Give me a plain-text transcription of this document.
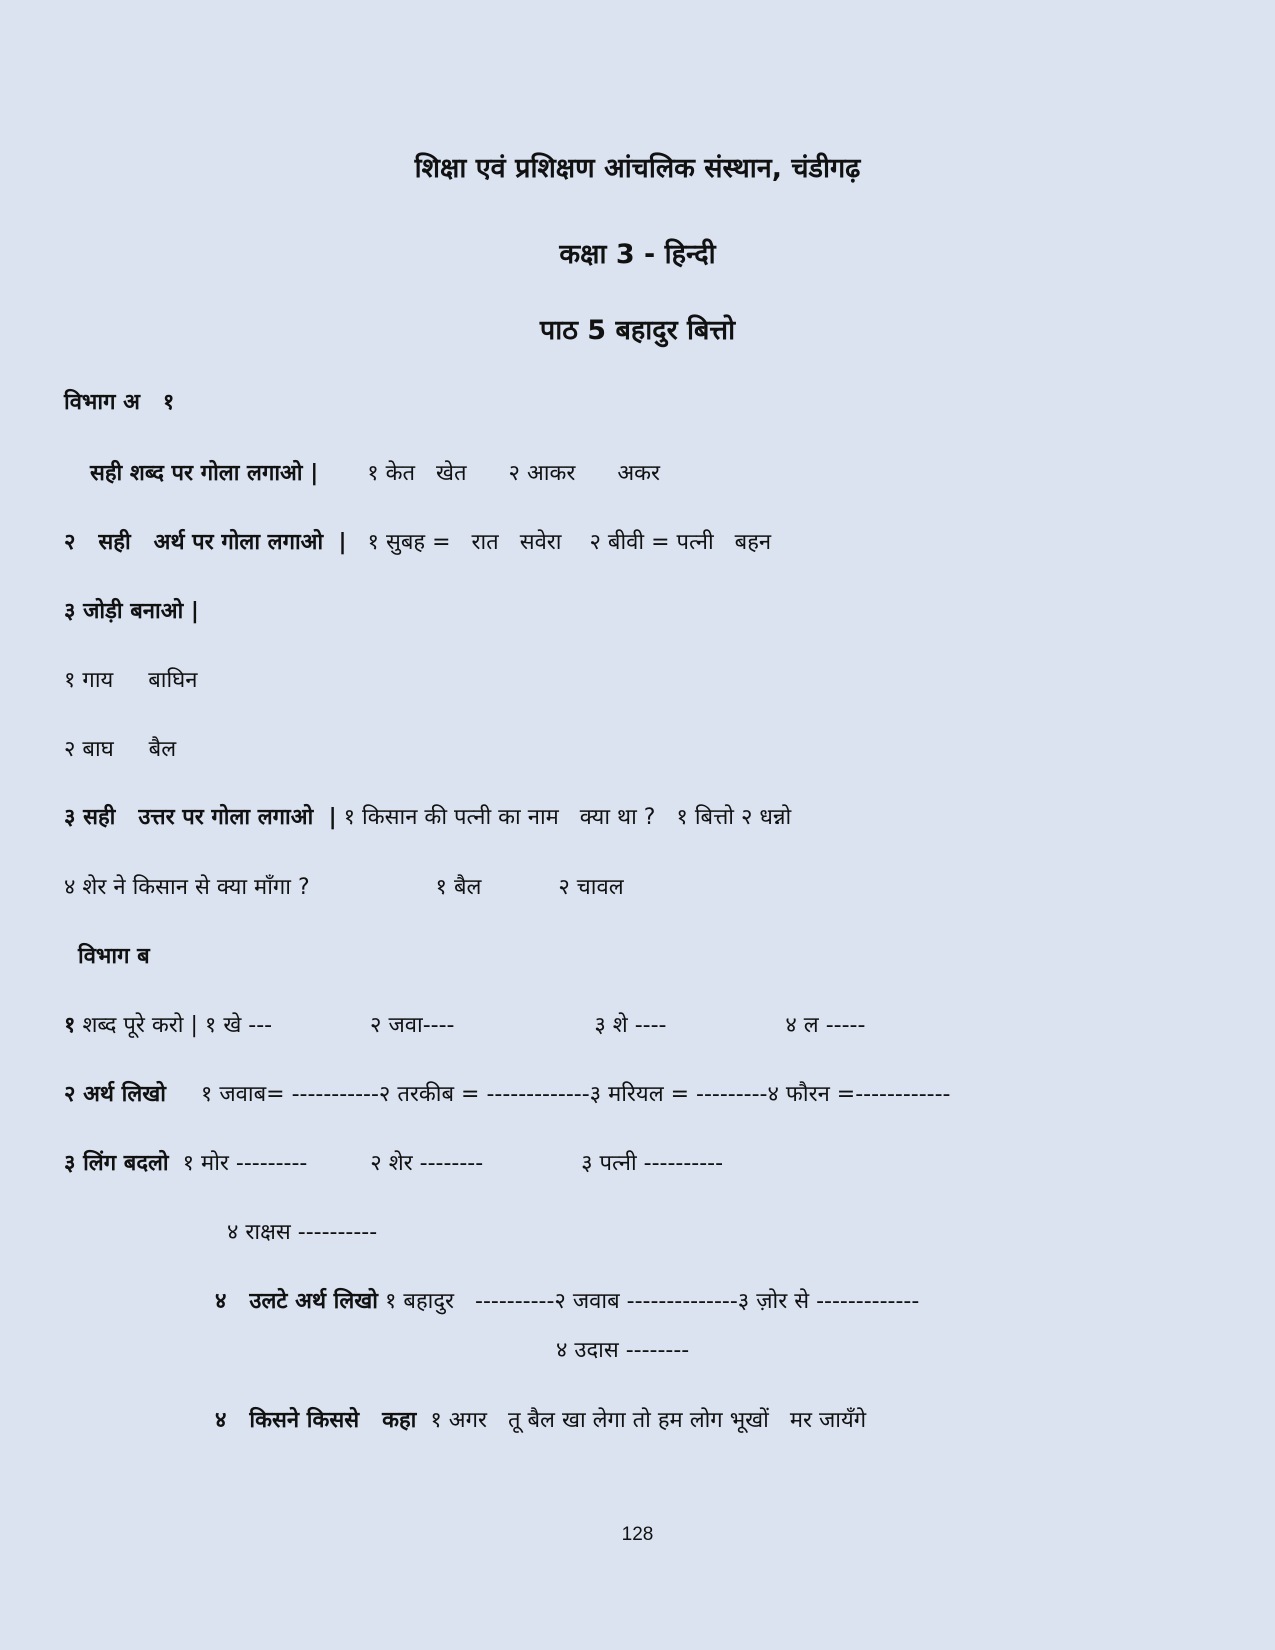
शिक्षा एवं प्रशिक्षण आंचलिक संस्थान, चंडीगढ़
कक्षा 3 - हिन्दी
पाठ 5 बहादुर बित्तो
विभाग अ   १
सही शब्द पर गोला लगाओ |       १ केत   खेत      २ आकर      अकर
२   सही   अर्थ पर गोला लगाओ  |   १ सुबह =   रात   सवेरा    २ बीवी = पत्नी   बहन
३ जोड़ी बनाओ |
१ गाय     बाघिन
२ बाघ     बैल
३ सही   उत्तर पर गोला लगाओ  | १ किसान की पत्नी का नाम   क्या था ?   १ बित्तो २ धन्नो
४ शेर ने किसान से क्या माँगा ?                  १ बैल           २ चावल
विभाग ब
१ शब्द पूरे करो | १ खे ---              २ जवा----                    ३ शे ----                 ४ ल -----
२ अर्थ लिखो     १ जवाब= -----------२ तरकीब = -------------३ मरियल = ---------४ फौरन =------------
३ लिंग बदलो  १ मोर ---------         २ शेर --------              ३ पत्नी ----------
४ राक्षस ----------
४   उलटे अर्थ लिखो १ बहादुर   ----------२ जवाब --------------३ ज़ोर से -------------
४ उदास --------
४   किसने किससे   कहा  १ अगर   तू बैल खा लेगा तो हम लोग भूखों   मर जायँगे
128
